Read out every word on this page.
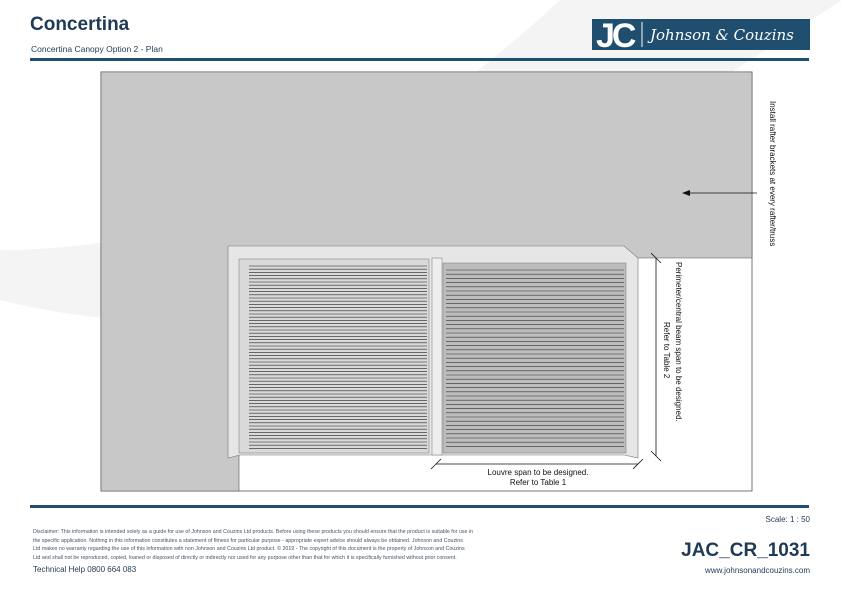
Concertina
Concertina Canopy Option 2 - Plan	JC Johnson & Couzins
Install rafter brackets at every rafter/truss
Perimeter/central beam span to be designed.
Refer to Table 2
Louvre span to be designed.
Refer to Table 1
Scale: 1 : 50
Disclaimer: This information is intended solely as a guide for use of Johnson and Couzins Ltd products. Before using these products you should ensure that the product is suitable for use in
the specific application. Nothing in this information constitutes a statement of fitness for particular purpose - appropriate expert advice should always be obtained. Johnson and Couzins
Ltd makes no warranty regarding the use of this information with non Johnson and Couzins Ltd product. © 2019 - The copyright of this document is the property of Johnson and Couzins
Ltd and shall not be reproduced, copied, loaned or disposed of directly or indirectly nor used for any purpose other than that for which it is specifically furnished without prior consent.
Technical Help 0800 664 083
JAC_CR_1031
www.johnsonandcouzins.com
